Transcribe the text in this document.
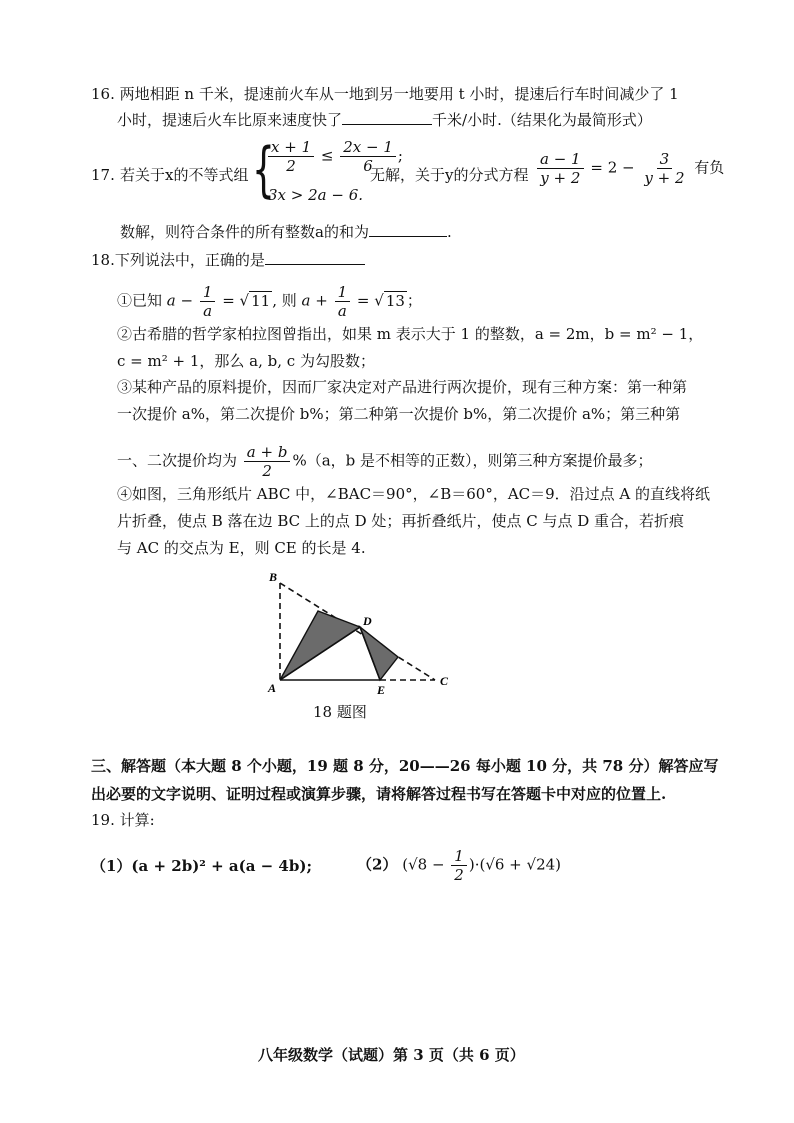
16. 两地相距 n 千米，提速前火车从一地到另一地要用 t 小时，提速后行车时间减少了 1
小时，提速后火车比原来速度快了	千米/小时.（结果化为最简形式）
17. 若关于x的不等式组 {
$\frac{x + 1}{2} \le \frac{2x - 1}{6}$ ;
3x > 2a − 6.
无解，关于y的分式方程 $\frac{a - 1}{y + 2} = 2 - \frac{3}{y + 2}$ 有负
数解，则符合条件的所有整数a的和为	.
18.下列说法中，正确的是
①已知 $a - \frac{1}{a}$ = √ 11 , 则 $a + \frac{1}{a}$ = √ 13 ；
②古希腊的哲学家柏拉图曾指出，如果 m 表示大于 1 的整数，a = 2m，b = m² − 1，
c = m² + 1，那么 a, b, c 为勾股数；
③某种产品的原料提价，因而厂家决定对产品进行两次提价，现有三种方案：第一种第
一次提价 a%，第二次提价 b%；第二种第一次提价 b%，第二次提价 a%；第三种第
一、二次提价均为 $\frac{a + b}{2} \%(a$，b 是不相等的正数），则第三种方案提价最多；
④如图，三角形纸片 ABC 中，∠BAC＝90°，∠B＝60°，AC＝9．沿过点 A 的直线将纸
片折叠，使点 B 落在边 BC 上的点 D 处；再折叠纸片，使点 C 与点 D 重合，若折痕
与 AC 的交点为 E，则 CE 的长是 4.
B
D
A	E
C
18 题图
三、解答题（本大题 8 个小题，19 题 8 分，20——26 每小题 10 分，共 78 分）解答应写
出必要的文字说明、证明过程或演算步骤，请将解答过程书写在答题卡中对应的位置上.
19. 计算:
（1）(a + 2b)² + a(a − 4b);	（2） $(√8 - \frac{1}{2} )\cdot(√6 + √24)$
八年级数学（试题）第 3 页（共 6 页）
